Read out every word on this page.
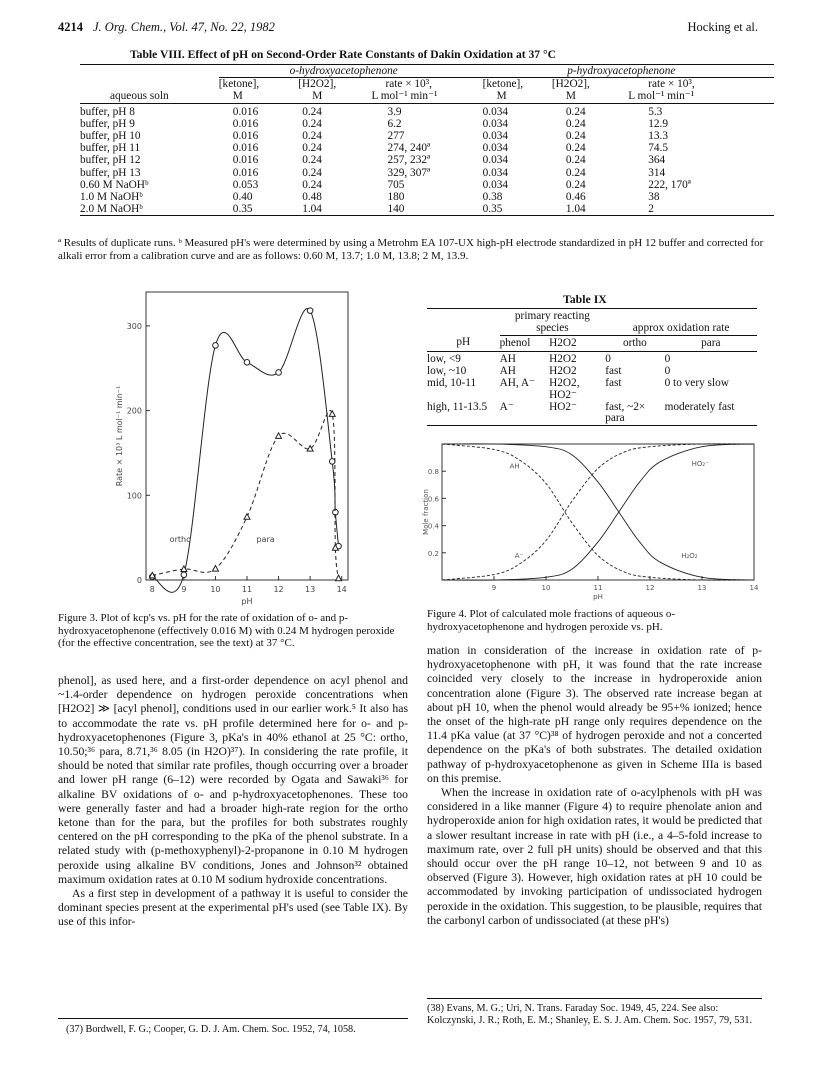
4214 J. Org. Chem., Vol. 47, No. 22, 1982	Hocking et al.
Table VIII. Effect of pH on Second-Order Rate Constants of Dakin Oxidation at 37 °C
	o-hydroxyacetophenone			p-hydroxyacetophenone		
	[ketone],	[H2O2],	rate × 10³,	[ketone],	[H2O2],	rate × 10³,
aqueous soln	M	M	L mol⁻¹ min⁻¹	M	M	L mol⁻¹ min⁻¹
buffer, pH 8	0.016	0.24	3.9	0.034	0.24	5.3
buffer, pH 9	0.016	0.24	6.2	0.034	0.24	12.9
buffer, pH 10	0.016	0.24	277	0.034	0.24	13.3
buffer, pH 11	0.016	0.24	274, 240ª	0.034	0.24	74.5
buffer, pH 12	0.016	0.24	257, 232ª	0.034	0.24	364
buffer, pH 13	0.016	0.24	329, 307ª	0.034	0.24	314
0.60 M NaOHᵇ	0.053	0.24	705	0.034	0.24	222, 170ª
1.0 M NaOHᵇ	0.40	0.48	180	0.38	0.46	38
2.0 M NaOHᵇ	0.35	1.04	140	0.35	1.04	2

ª Results of duplicate runs. ᵇ Measured pH's were determined by using a Metrohm EA 107-UX high-pH electrode standardized in pH 12 buffer and corrected for alkali error from a calibration curve and are as follows: 0.60 M, 13.7; 1.0 M, 13.8; 2 M, 13.9.
8	9	10	11	12	13	14
0
100
200
300
pH
Rate × 10³ L mol⁻¹ min⁻¹
ortho	para
Figure 3. Plot of kcp's vs. pH for the rate of oxidation of o- and p-hydroxyacetophenone (effectively 0.016 M) with 0.24 M hydrogen peroxide (for the effective concentration, see the text) at 37 °C.
Table IX
	primary reacting species		approx oxidation rate	
pH	phenol	H2O2	ortho	para
low, <9	AH	H2O2	0	0
low, ~10	AH	H2O2	fast	0
mid, 10-11	AH, A⁻	H2O2, HO2⁻	fast	0 to very slow
high, 11-13.5	A⁻	HO2⁻	fast, ~2× para	moderately fast

9	10	11	12	13	14
0.2
0.4
0.6
0.8
pH
Mole fraction
AH
A⁻
HO₂⁻
H₂O₂
Figure 4. Plot of calculated mole fractions of aqueous o-hydroxyacetophenone and hydrogen peroxide vs. pH.

phenol], as used here, and a first-order dependence on acyl phenol and ~1.4-order dependence on hydrogen peroxide concentrations when [H2O2] ≫ [acyl phenol], conditions used in our earlier work.⁵ It also has to accommodate the rate vs. pH profile determined here for o- and p-hydroxyacetophenones (Figure 3, pKa's in 40% ethanol at 25 °C: ortho, 10.50;³⁶ para, 8.71,³⁶ 8.05 (in H2O)³⁷). In considering the rate profile, it should be noted that similar rate profiles, though occurring over a broader and lower pH range (6–12) were recorded by Ogata and Sawaki³⁶ for alkaline BV oxidations of o- and p-hydroxyacetophenones. These too were generally faster and had a broader high-rate region for the ortho ketone than for the para, but the profiles for both substrates roughly centered on the pH corresponding to the pKa of the phenol substrate. In a related study with (p-methoxyphenyl)-2-propanone in 0.10 M hydrogen peroxide using alkaline BV conditions, Jones and Johnson³² obtained maximum oxidation rates at 0.10 M sodium hydroxide concentrations.

As a first step in development of a pathway it is useful to consider the dominant species present at the experimental pH's used (see Table IX). By use of this infor-

mation in consideration of the increase in oxidation rate of p-hydroxyacetophenone with pH, it was found that the rate increase coincided very closely to the increase in hydroperoxide anion concentration alone (Figure 3). The observed rate increase began at about pH 10, when the phenol would already be 95+% ionized; hence the onset of the high-rate pH range only requires dependence on the 11.4 pKa value (at 37 °C)³⁸ of hydrogen peroxide and not a concerted dependence on the pKa's of both substrates. The detailed oxidation pathway of p-hydroxyacetophenone as given in Scheme IIIa is based on this premise.

When the increase in oxidation rate of o-acylphenols with pH was considered in a like manner (Figure 4) to require phenolate anion and hydroperoxide anion for high oxidation rates, it would be predicted that a slower resultant increase in rate with pH (i.e., a 4–5-fold increase to maximum rate, over 2 full pH units) should be observed and that this should occur over the pH range 10–12, not between 9 and 10 as observed (Figure 3). However, high oxidation rates at pH 10 could be accommodated by invoking participation of undissociated hydrogen peroxide in the oxidation. This suggestion, to be plausible, requires that the carbonyl carbon of undissociated (at these pH's)

(37) Bordwell, F. G.; Cooper, G. D. J. Am. Chem. Soc. 1952, 74, 1058.
(38) Evans, M. G.; Uri, N. Trans. Faraday Soc. 1949, 45, 224. See also: Kolczynski, J. R.; Roth, E. M.; Shanley, E. S. J. Am. Chem. Soc. 1957, 79, 531.
